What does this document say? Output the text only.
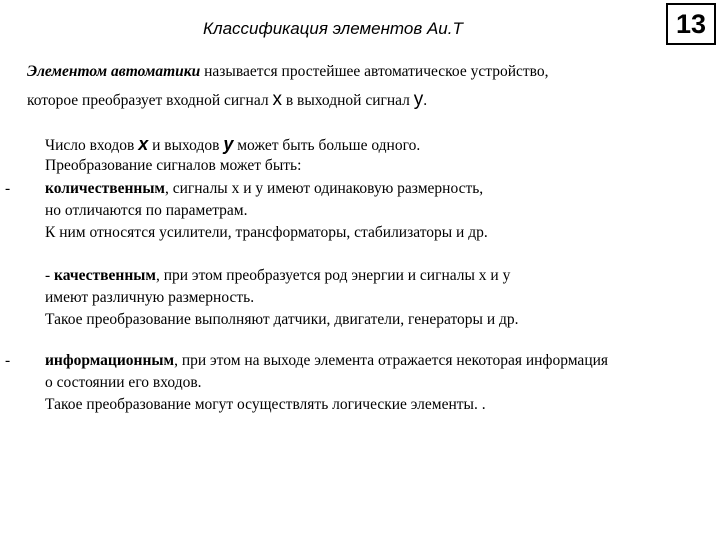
Классификация элементов Au.T	13
Элементом автоматики называется простейшее автоматическое устройство,
которое преобразует входной сигнал x в выходной сигнал y.
Число входов x и выходов y может быть больше одного.
Преобразование сигналов может быть:
- количественным, сигналы х и у имеют одинаковую размерность,
но отличаются по параметрам.
К ним относятся усилители, трансформаторы, стабилизаторы и др.
- качественным, при этом преобразуется род энергии и сигналы х и у
имеют различную размерность.
Такое преобразование выполняют датчики, двигатели, генераторы и др.
- информационным, при этом на выходе элемента отражается некоторая информация
о состоянии его входов.
Такое преобразование могут осуществлять логические элементы. .
